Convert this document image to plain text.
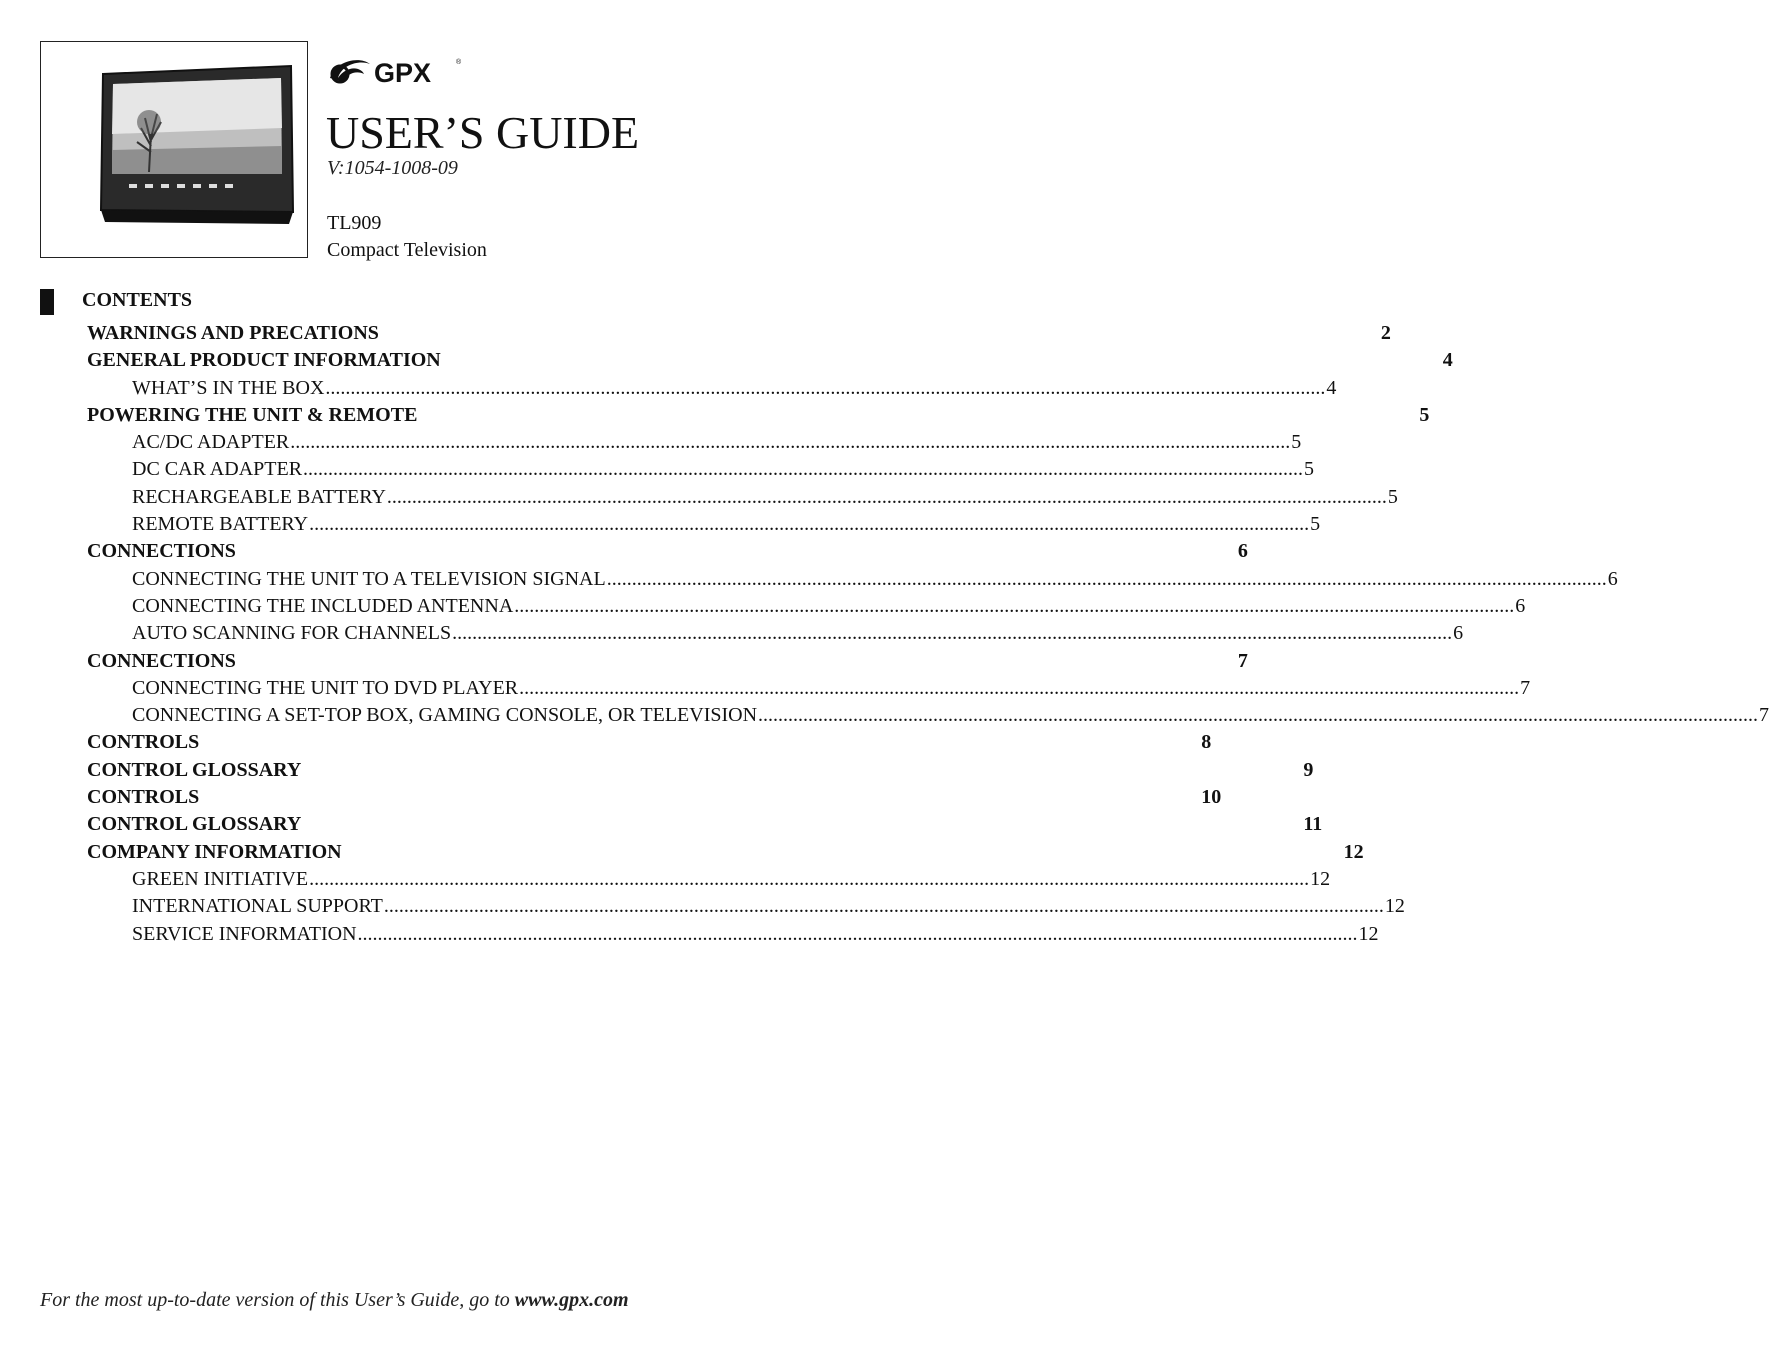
GPX	®
USER’S GUIDE
V:1054-1008-09
TL909
Compact Television
CONTENTS
WARNINGS AND PRECATIONS	2
GENERAL PRODUCT INFORMATION	4
WHAT’S IN THE BOX ........................................................................................................................................................................................................ 4
POWERING THE UNIT & REMOTE	5
AC/DC ADAPTER ........................................................................................................................................................................................................ 5
DC CAR ADAPTER ........................................................................................................................................................................................................ 5
RECHARGEABLE BATTERY ........................................................................................................................................................................................................ 5
REMOTE BATTERY ........................................................................................................................................................................................................ 5
CONNECTIONS	6
CONNECTING THE UNIT TO A TELEVISION SIGNAL ........................................................................................................................................................................................................ 6
CONNECTING THE INCLUDED ANTENNA ........................................................................................................................................................................................................ 6
AUTO SCANNING FOR CHANNELS ........................................................................................................................................................................................................ 6
CONNECTIONS	7
CONNECTING THE UNIT TO DVD PLAYER ........................................................................................................................................................................................................ 7
CONNECTING A SET-TOP BOX, GAMING CONSOLE, OR TELEVISION ........................................................................................................................................................................................................ 7
CONTROLS	8
CONTROL GLOSSARY	9
CONTROLS	10
CONTROL GLOSSARY	11
COMPANY INFORMATION	12
GREEN INITIATIVE ........................................................................................................................................................................................................ 12
INTERNATIONAL SUPPORT ........................................................................................................................................................................................................ 12
SERVICE INFORMATION ........................................................................................................................................................................................................ 12
For the most up-to-date version of this User’s Guide, go to www.gpx.com
